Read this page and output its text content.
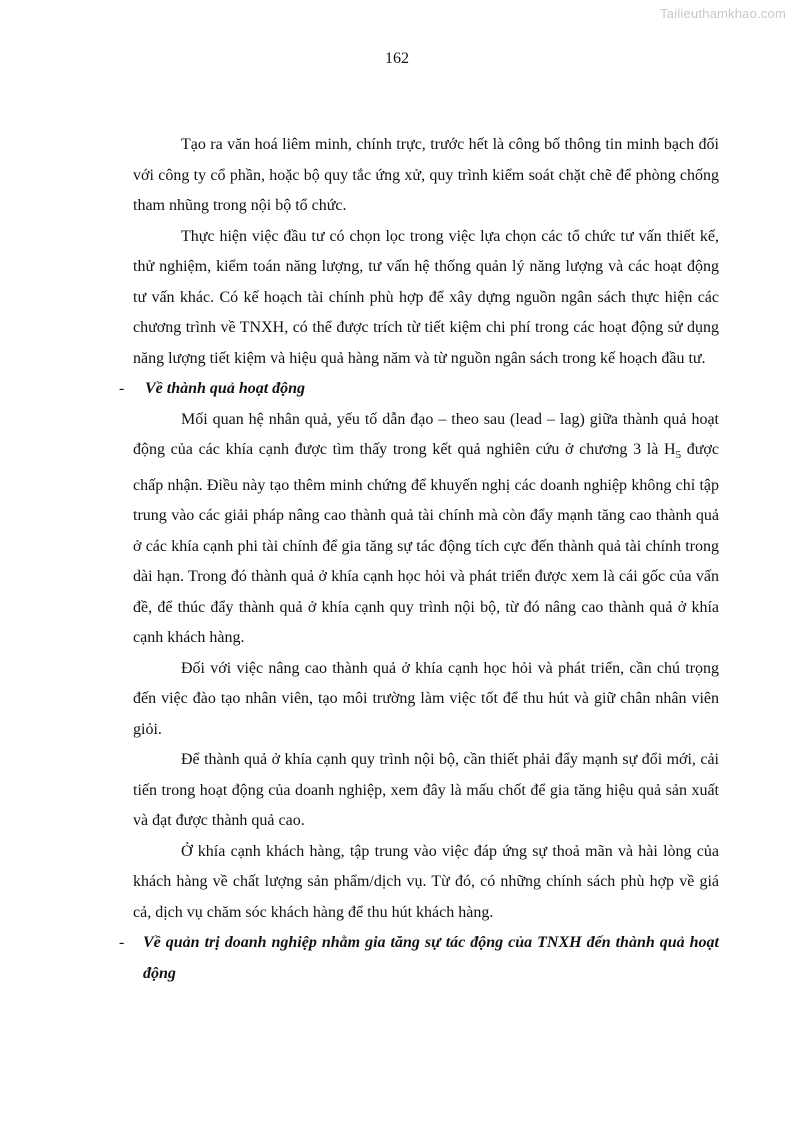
Tailieuthamkhao.com
162

Tạo ra văn hoá liêm minh, chính trực, trước hết là công bố thông tin minh bạch đối với công ty cổ phần, hoặc bộ quy tắc ứng xử, quy trình kiểm soát chặt chẽ để phòng chống tham nhũng trong nội bộ tổ chức.

Thực hiện việc đầu tư có chọn lọc trong việc lựa chọn các tổ chức tư vấn thiết kế, thử nghiệm, kiểm toán năng lượng, tư vấn hệ thống quản lý năng lượng và các hoạt động tư vấn khác. Có kế hoạch tài chính phù hợp để xây dựng nguồn ngân sách thực hiện các chương trình về TNXH, có thể được trích từ tiết kiệm chi phí trong các hoạt động sử dụng năng lượng tiết kiệm và hiệu quả hàng năm và từ nguồn ngân sách trong kế hoạch đầu tư.

-	Về thành quả hoạt động

Mối quan hệ nhân quả, yếu tố dẫn đạo – theo sau (lead – lag) giữa thành quả hoạt động của các khía cạnh được tìm thấy trong kết quả nghiên cứu ở chương 3 là $H_5$ được chấp nhận. Điều này tạo thêm minh chứng để khuyến nghị các doanh nghiệp không chỉ tập trung vào các giải pháp nâng cao thành quả tài chính mà còn đẩy mạnh tăng cao thành quả ở các khía cạnh phi tài chính để gia tăng sự tác động tích cực đến thành quả tài chính trong dài hạn. Trong đó thành quả ở khía cạnh học hỏi và phát triển được xem là cái gốc của vấn đề, để thúc đẩy thành quả ở khía cạnh quy trình nội bộ, từ đó nâng cao thành quả ở khía cạnh khách hàng.

Đối với việc nâng cao thành quả ở khía cạnh học hỏi và phát triển, cần chú trọng đến việc đào tạo nhân viên, tạo môi trường làm việc tốt để thu hút và giữ chân nhân viên giỏi.

Để thành quả ở khía cạnh quy trình nội bộ, cần thiết phải đẩy mạnh sự đổi mới, cải tiến trong hoạt động của doanh nghiệp, xem đây là mấu chốt để gia tăng hiệu quả sản xuất và đạt được thành quả cao.

Ở khía cạnh khách hàng, tập trung vào việc đáp ứng sự thoả mãn và hài lòng của khách hàng về chất lượng sản phẩm/dịch vụ. Từ đó, có những chính sách phù hợp về giá cả, dịch vụ chăm sóc khách hàng để thu hút khách hàng.

-	Về quản trị doanh nghiệp nhằm gia tăng sự tác động của TNXH đến thành quả hoạt động
